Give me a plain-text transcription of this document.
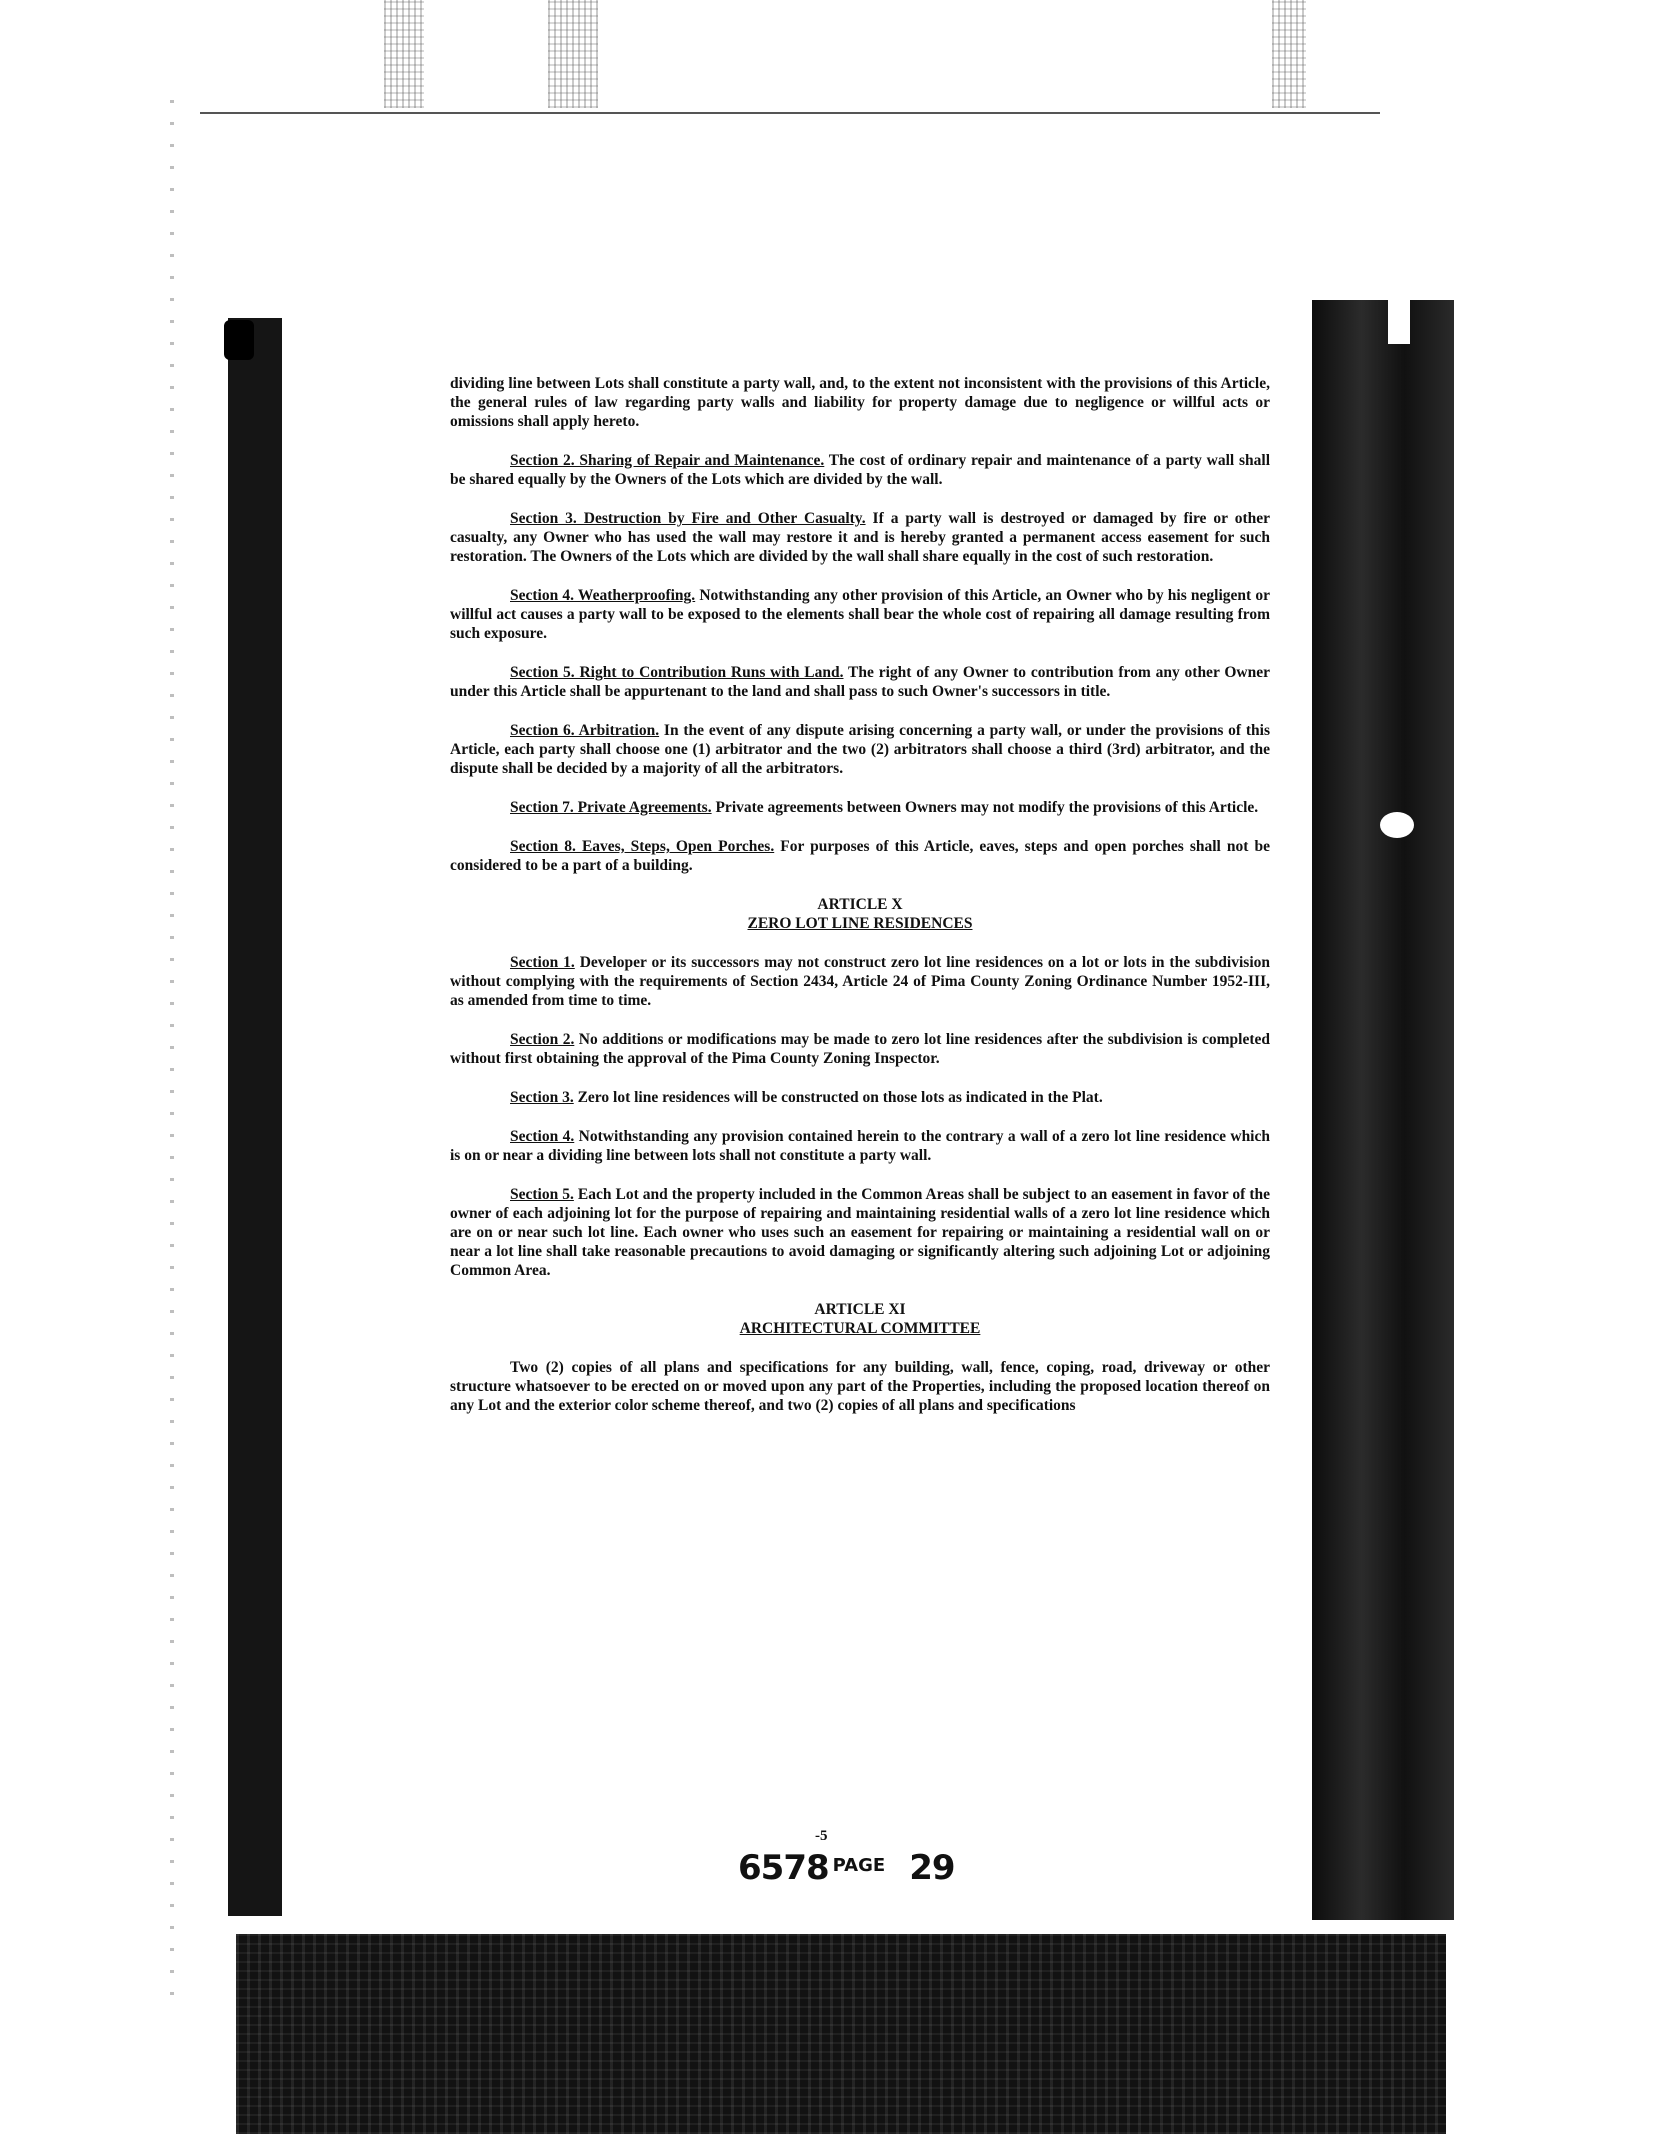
dividing line between Lots shall constitute a party wall, and, to the extent not inconsistent with the provisions of this Article, the general rules of law regarding party walls and liability for property damage due to negligence or willful acts or omissions shall apply hereto.

Section 2. Sharing of Repair and Maintenance. The cost of ordinary repair and maintenance of a party wall shall be shared equally by the Owners of the Lots which are divided by the wall.

Section 3. Destruction by Fire and Other Casualty. If a party wall is destroyed or damaged by fire or other casualty, any Owner who has used the wall may restore it and is hereby granted a permanent access easement for such restoration. The Owners of the Lots which are divided by the wall shall share equally in the cost of such restoration.

Section 4. Weatherproofing. Notwithstanding any other provision of this Article, an Owner who by his negligent or willful act causes a party wall to be exposed to the elements shall bear the whole cost of repairing all damage resulting from such exposure.

Section 5. Right to Contribution Runs with Land. The right of any Owner to contribution from any other Owner under this Article shall be appurtenant to the land and shall pass to such Owner's successors in title.

Section 6. Arbitration. In the event of any dispute arising concerning a party wall, or under the provisions of this Article, each party shall choose one (1) arbitrator and the two (2) arbitrators shall choose a third (3rd) arbitrator, and the dispute shall be decided by a majority of all the arbitrators.

Section 7. Private Agreements. Private agreements between Owners may not modify the provisions of this Article.

Section 8. Eaves, Steps, Open Porches. For purposes of this Article, eaves, steps and open porches shall not be considered to be a part of a building.

ARTICLE X

ZERO LOT LINE RESIDENCES

Section 1. Developer or its successors may not construct zero lot line residences on a lot or lots in the subdivision without complying with the requirements of Section 2434, Article 24 of Pima County Zoning Ordinance Number 1952-III, as amended from time to time.

Section 2. No additions or modifications may be made to zero lot line residences after the subdivision is completed without first obtaining the approval of the Pima County Zoning Inspector.

Section 3. Zero lot line residences will be constructed on those lots as indicated in the Plat.

Section 4. Notwithstanding any provision contained herein to the contrary a wall of a zero lot line residence which is on or near a dividing line between lots shall not constitute a party wall.

Section 5. Each Lot and the property included in the Common Areas shall be subject to an easement in favor of the owner of each adjoining lot for the purpose of repairing and maintaining residential walls of a zero lot line residence which are on or near such lot line. Each owner who uses such an easement for repairing or maintaining a residential wall on or near a lot line shall take reasonable precautions to avoid damaging or significantly altering such adjoining Lot or adjoining Common Area.

ARTICLE XI

ARCHITECTURAL COMMITTEE

Two (2) copies of all plans and specifications for any building, wall, fence, coping, road, driveway or other structure whatsoever to be erected on or moved upon any part of the Properties, including the proposed location thereof on any Lot and the exterior color scheme thereof, and two (2) copies of all plans and specifications

-5
6578 $^{PAGE}$ 29
